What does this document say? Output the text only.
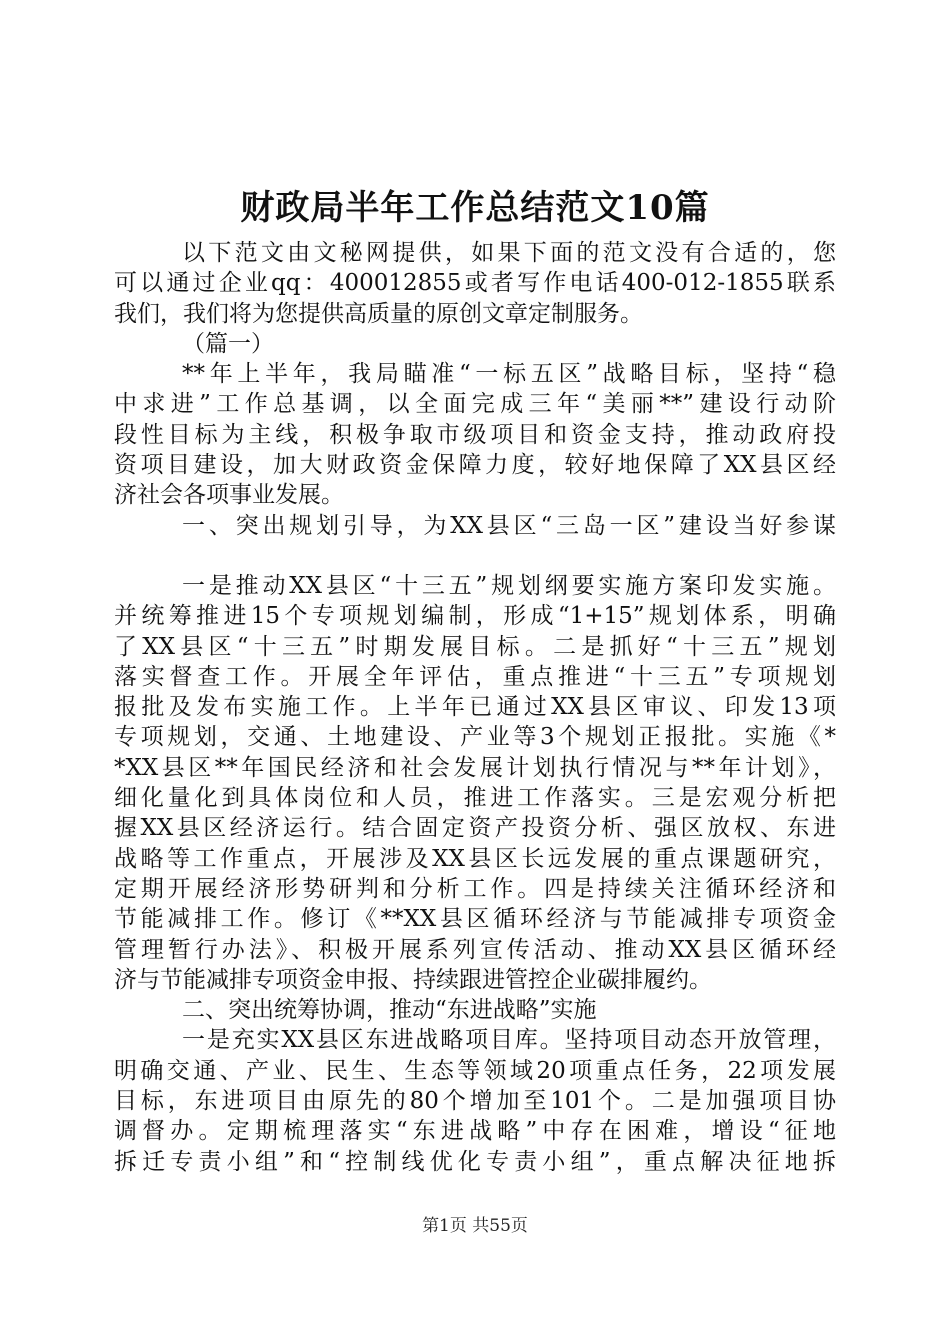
财政局半年工作总结范文10篇
以下范文由文秘网提供，如果下面的范文没有合适的，您
可以通过企业qq：400012855或者写作电话400-012-1855联系
我们，我们将为您提供高质量的原创文章定制服务。
（篇一）
**年上半年，我局瞄准“一标五区”战略目标，坚持“稳
中求进”工作总基调，以全面完成三年“美丽**”建设行动阶
段性目标为主线，积极争取市级项目和资金支持，推动政府投
资项目建设，加大财政资金保障力度，较好地保障了XX县区经
济社会各项事业发展。
一、突出规划引导，为XX县区“三岛一区”建设当好参谋
一是推动XX县区“十三五”规划纲要实施方案印发实施。
并统筹推进15个专项规划编制，形成“1+15”规划体系，明确
了XX县区“十三五”时期发展目标。二是抓好“十三五”规划
落实督查工作。开展全年评估，重点推进“十三五”专项规划
报批及发布实施工作。上半年已通过XX县区审议、印发13项
专项规划，交通、土地建设、产业等3个规划正报批。实施《*
*XX县区**年国民经济和社会发展计划执行情况与**年计划》，
细化量化到具体岗位和人员，推进工作落实。三是宏观分析把
握XX县区经济运行。结合固定资产投资分析、强区放权、东进
战略等工作重点，开展涉及XX县区长远发展的重点课题研究，
定期开展经济形势研判和分析工作。四是持续关注循环经济和
节能减排工作。修订《**XX县区循环经济与节能减排专项资金
管理暂行办法》、积极开展系列宣传活动、推动XX县区循环经
济与节能减排专项资金申报、持续跟进管控企业碳排履约。
二、突出统筹协调，推动“东进战略”实施
一是充实XX县区东进战略项目库。坚持项目动态开放管理，
明确交通、产业、民生、生态等领域20项重点任务，22项发展
目标，东进项目由原先的80个增加至101个。二是加强项目协
调督办。定期梳理落实“东进战略”中存在困难，增设“征地
拆迁专责小组”和“控制线优化专责小组”，重点解决征地拆
第1页 共55页
